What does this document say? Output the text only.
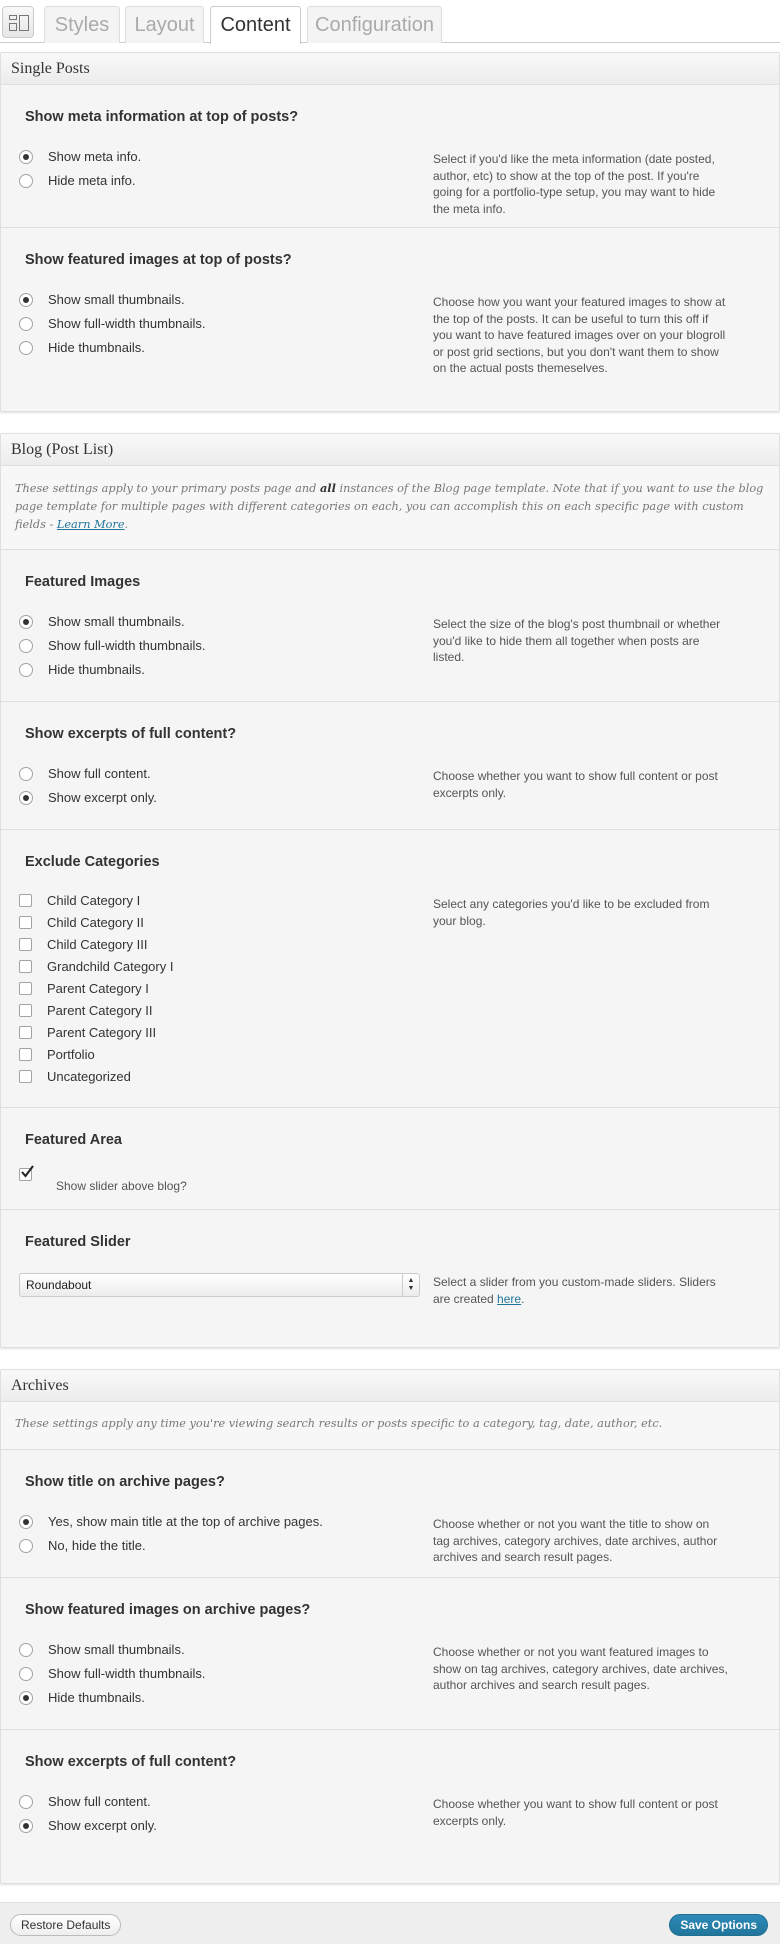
Styles	Layout	Content	Configuration
Single Posts
Show meta information at top of posts?
Show meta info.
Hide meta info.
Select if you'd like the meta information (date posted, author, etc) to show at the top of the post. If you're going for a portfolio-type setup, you may want to hide the meta info.
Show featured images at top of posts?
Show small thumbnails.
Show full-width thumbnails.
Hide thumbnails.
Choose how you want your featured images to show at the top of the posts. It can be useful to turn this off if you want to have featured images over on your blogroll or post grid sections, but you don't want them to show on the actual posts themeselves.
Blog (Post List)
These settings apply to your primary posts page and all instances of the Blog page template. Note that if you want to use the blog page template for multiple pages with different categories on each, you can accomplish this on each specific page with custom fields - Learn More.
Featured Images
Show small thumbnails.
Show full-width thumbnails.
Hide thumbnails.
Select the size of the blog's post thumbnail or whether you'd like to hide them all together when posts are listed.
Show excerpts of full content?
Show full content.
Show excerpt only.
Choose whether you want to show full content or post excerpts only.
Exclude Categories
Child Category I
Child Category II
Child Category III
Grandchild Category I
Parent Category I
Parent Category II
Parent Category III
Portfolio
Uncategorized
Select any categories you'd like to be excluded from your blog.
Featured Area
Show slider above blog?
Featured Slider
Roundabout	▲
▼	Select a slider from you custom-made sliders. Sliders are created here.
Archives
These settings apply any time you're viewing search results or posts specific to a category, tag, date, author, etc.
Show title on archive pages?
Yes, show main title at the top of archive pages.
No, hide the title.
Choose whether or not you want the title to show on tag archives, category archives, date archives, author archives and search result pages.
Show featured images on archive pages?
Show small thumbnails.
Show full-width thumbnails.
Hide thumbnails.
Choose whether or not you want featured images to show on tag archives, category archives, date archives, author archives and search result pages.
Show excerpts of full content?
Show full content.
Show excerpt only.
Choose whether you want to show full content or post excerpts only.
Restore Defaults	Save Options
